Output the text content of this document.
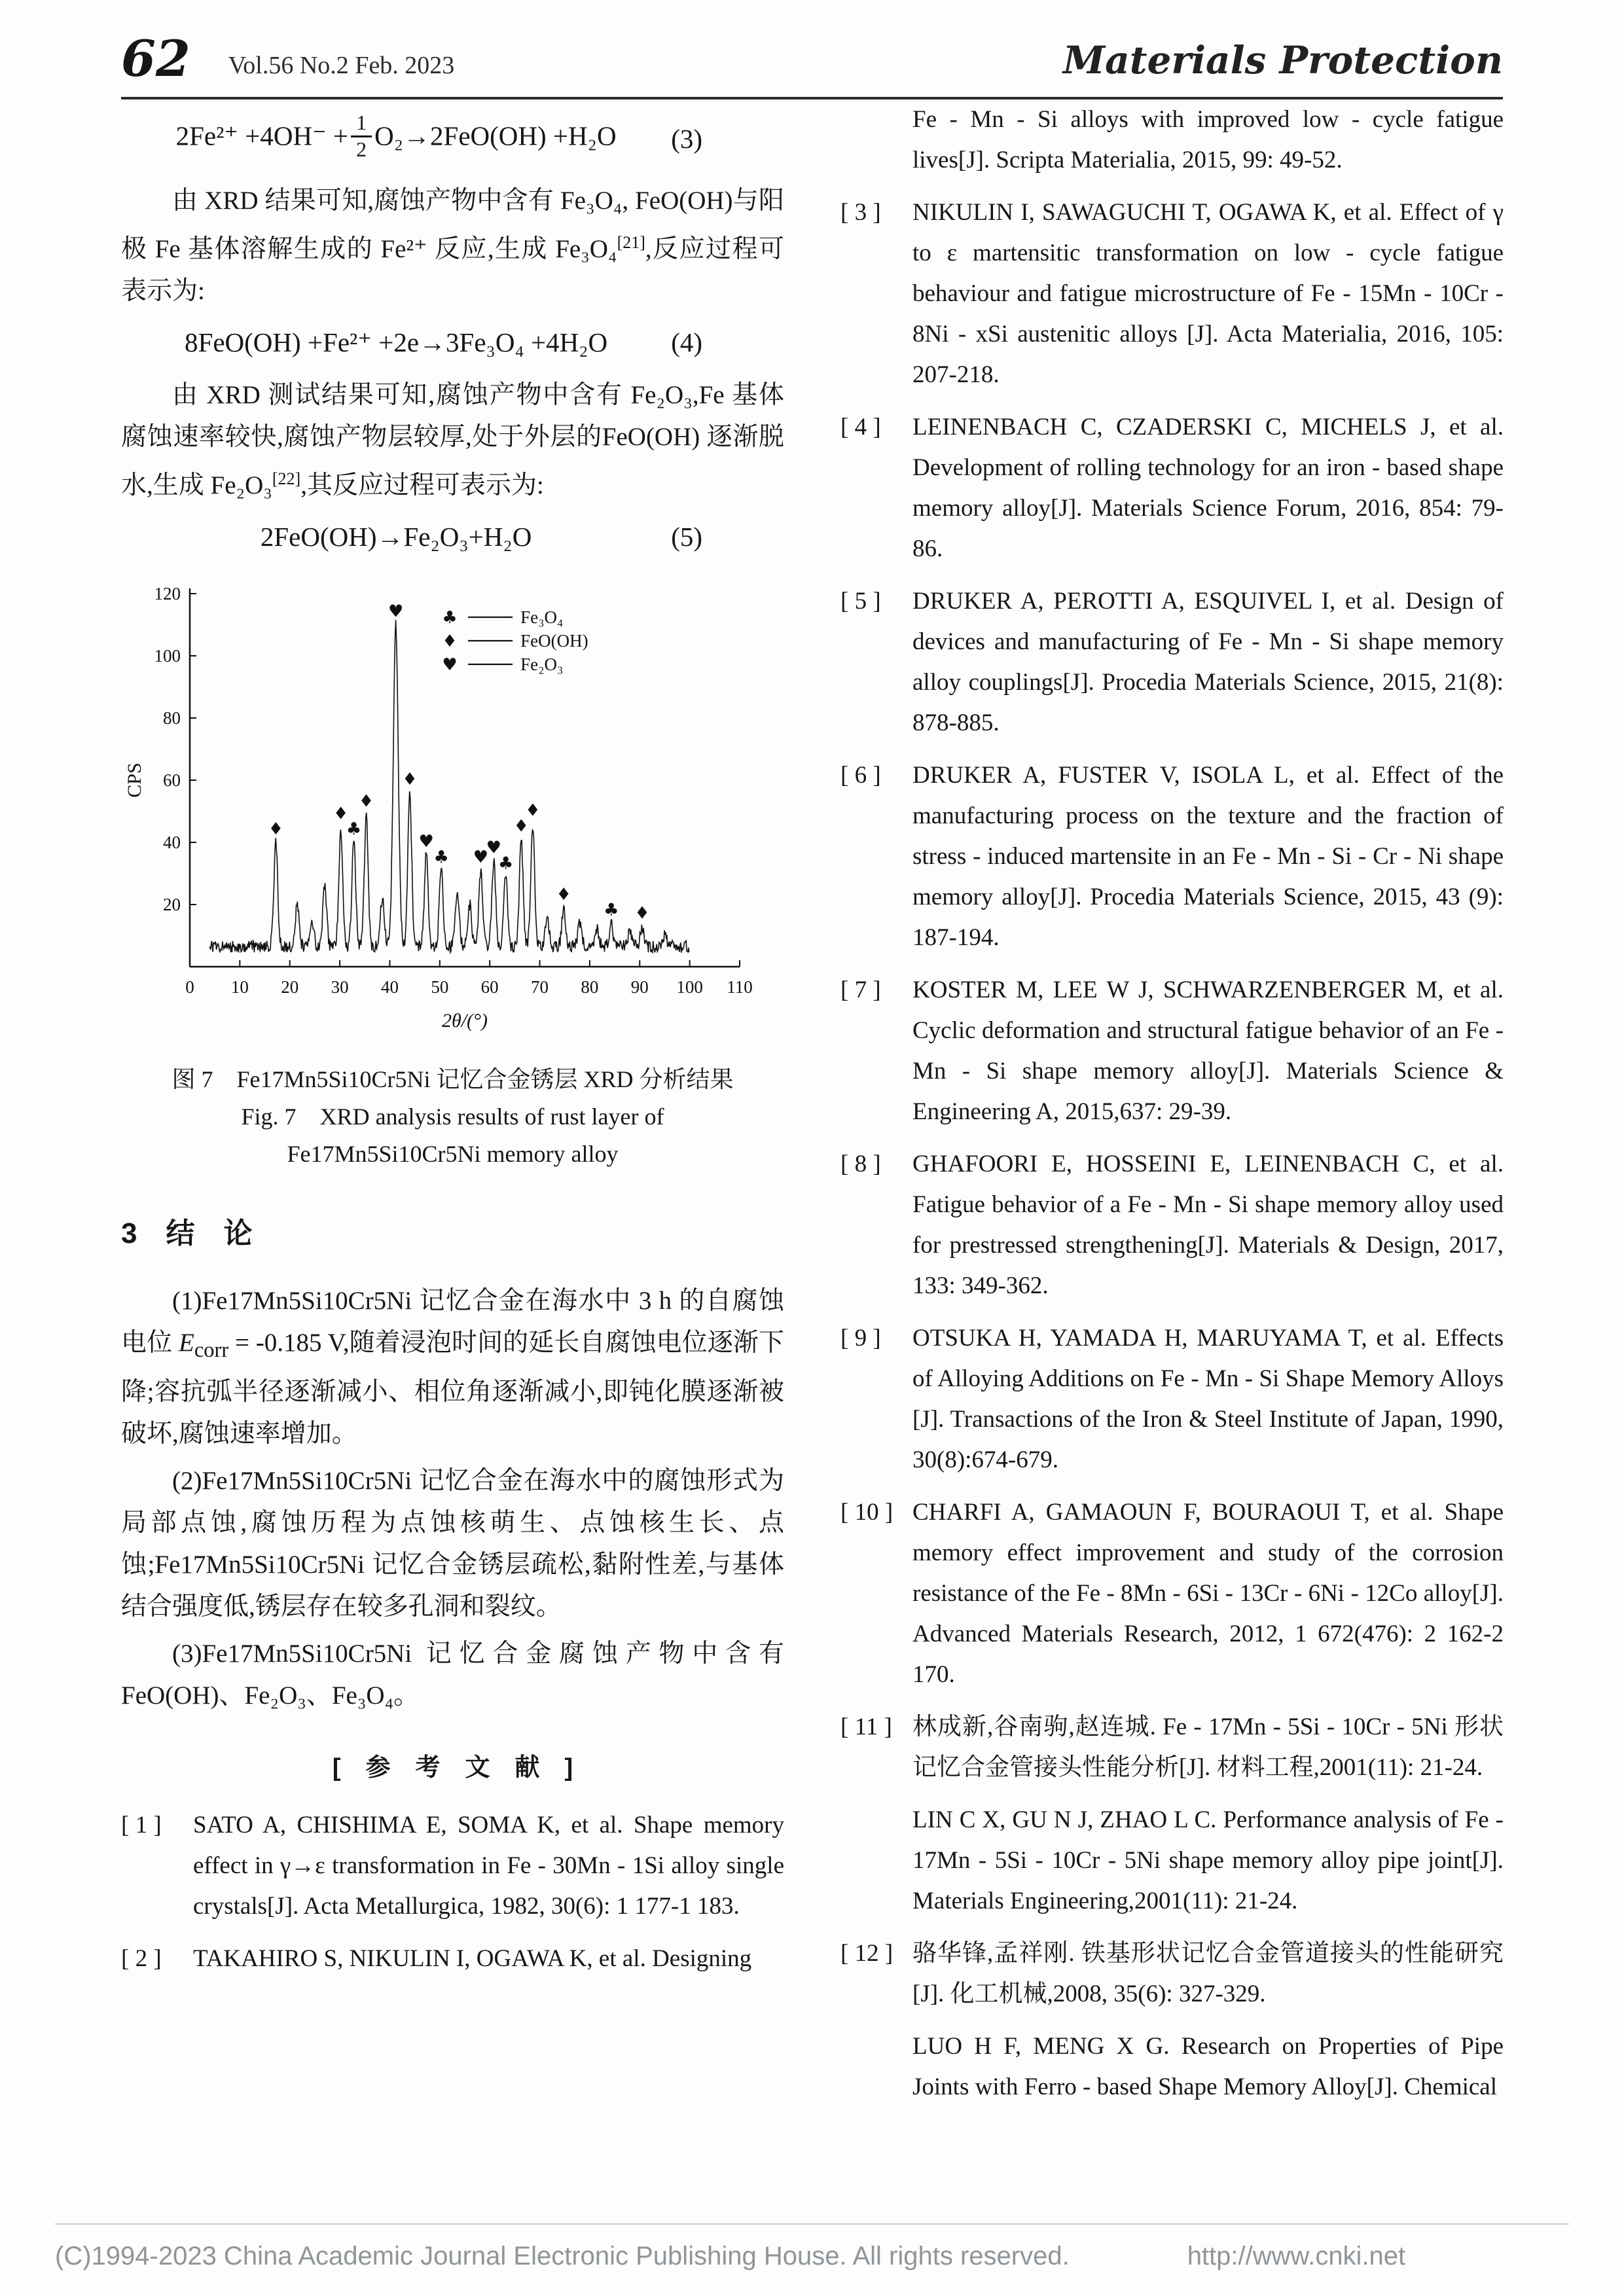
62 Vol.56 No.2 Feb. 2023	Materials Protection
$2Fe^{2+} +4OH^- + \frac{1}{2} O_2\to 2FeO(OH) +H_2O$	(3)

由 XRD 结果可知,腐蚀产物中含有 Fe₃O₄, FeO(OH)与阳极 Fe 基体溶解生成的 Fe²⁺ 反应,生成 Fe₃O₄[21],反应过程可表示为:

8FeO(OH) +Fe²⁺ +2e→3Fe₃O₄ +4H₂O	(4)

由 XRD 测试结果可知,腐蚀产物中含有 Fe₂O₃,Fe 基体腐蚀速率较快,腐蚀产物层较厚,处于外层的FeO(OH) 逐渐脱水,生成 Fe₂O₃[22],其反应过程可表示为:

2FeO(OH)→Fe₂O₃+H₂O	(5)
20
40
60
80
100
120
0 10 20 30 40 50 60 70 80 90 100 110
2θ/(°)
CPS
♦
♦
♣
♦
♥
♦
♥
♣ ♥
♥
♣
♦
♦
♦
♣ ♦
♣	Fe₃O₄
♦	FeO(OH)
♥	Fe₂O₃
图 7　Fe17Mn5Si10Cr5Ni 记忆合金锈层 XRD 分析结果
Fig. 7　XRD analysis results of rust layer of
Fe17Mn5Si10Cr5Ni memory alloy
3　结　论

(1)Fe17Mn5Si10Cr5Ni 记忆合金在海水中 3 h 的自腐蚀电位 $E_{corr} = -0.185$ V,随着浸泡时间的延长自腐蚀电位逐渐下降;容抗弧半径逐渐减小、相位角逐渐减小,即钝化膜逐渐被破坏,腐蚀速率增加。

(2)Fe17Mn5Si10Cr5Ni 记忆合金在海水中的腐蚀形式为局部点蚀,腐蚀历程为点蚀核萌生、点蚀核生长、点蚀;Fe17Mn5Si10Cr5Ni 记忆合金锈层疏松,黏附性差,与基体结合强度低,锈层存在较多孔洞和裂纹。

(3)Fe17Mn5Si10Cr5Ni 记忆合金腐蚀产物中含有 FeO(OH)、Fe₂O₃、Fe₃O₄。

[　参　考　文　献　]
[ 1 ]	SATO A, CHISHIMA E, SOMA K, et al. Shape memory effect in γ→ε transformation in Fe - 30Mn - 1Si alloy single crystals[J]. Acta Metallurgica, 1982, 30(6): 1 177-1 183.
[ 2 ]	TAKAHIRO S, NIKULIN I, OGAWA K, et al. Designing
Fe - Mn - Si alloys with improved low - cycle fatigue lives[J]. Scripta Materialia, 2015, 99: 49-52.
[ 3 ]	NIKULIN I, SAWAGUCHI T, OGAWA K, et al. Effect of γ to ε martensitic transformation on low - cycle fatigue behaviour and fatigue microstructure of Fe - 15Mn - 10Cr - 8Ni - xSi austenitic alloys [J]. Acta Materialia, 2016, 105: 207-218.
[ 4 ]	LEINENBACH C, CZADERSKI C, MICHELS J, et al. Development of rolling technology for an iron - based shape memory alloy[J]. Materials Science Forum, 2016, 854: 79-86.
[ 5 ]	DRUKER A, PEROTTI A, ESQUIVEL I, et al. Design of devices and manufacturing of Fe - Mn - Si shape memory alloy couplings[J]. Procedia Materials Science, 2015, 21(8): 878-885.
[ 6 ]	DRUKER A, FUSTER V, ISOLA L, et al. Effect of the manufacturing process on the texture and the fraction of stress - induced martensite in an Fe - Mn - Si - Cr - Ni shape memory alloy[J]. Procedia Materials Science, 2015, 43 (9): 187-194.
[ 7 ]	KOSTER M, LEE W J, SCHWARZENBERGER M, et al. Cyclic deformation and structural fatigue behavior of an Fe - Mn - Si shape memory alloy[J]. Materials Science & Engineering A, 2015,637: 29-39.
[ 8 ]	GHAFOORI E, HOSSEINI E, LEINENBACH C, et al. Fatigue behavior of a Fe - Mn - Si shape memory alloy used for prestressed strengthening[J]. Materials & Design, 2017, 133: 349-362.
[ 9 ]	OTSUKA H, YAMADA H, MARUYAMA T, et al. Effects of Alloying Additions on Fe - Mn - Si Shape Memory Alloys [J]. Transactions of the Iron & Steel Institute of Japan, 1990, 30(8):674-679.
[ 10 ] CHARFI A, GAMAOUN F, BOURAOUI T, et al. Shape memory effect improvement and study of the corrosion resistance of the Fe - 8Mn - 6Si - 13Cr - 6Ni - 12Co alloy[J]. Advanced Materials Research, 2012, 1 672(476): 2 162-2 170.
[ 11 ] 林成新,谷南驹,赵连城. Fe - 17Mn - 5Si - 10Cr - 5Ni 形状记忆合金管接头性能分析[J]. 材料工程,2001(11): 21-24.
LIN C X, GU N J, ZHAO L C. Performance analysis of Fe - 17Mn - 5Si - 10Cr - 5Ni shape memory alloy pipe joint[J]. Materials Engineering,2001(11): 21-24.
[ 12 ] 骆华锋,孟祥刚. 铁基形状记忆合金管道接头的性能研究[J]. 化工机械,2008, 35(6): 327-329.
LUO H F, MENG X G. Research on Properties of Pipe Joints with Ferro - based Shape Memory Alloy[J]. Chemical
(C)1994-2023 China Academic Journal Electronic Publishing House. All rights reserved.	http://www.cnki.net
